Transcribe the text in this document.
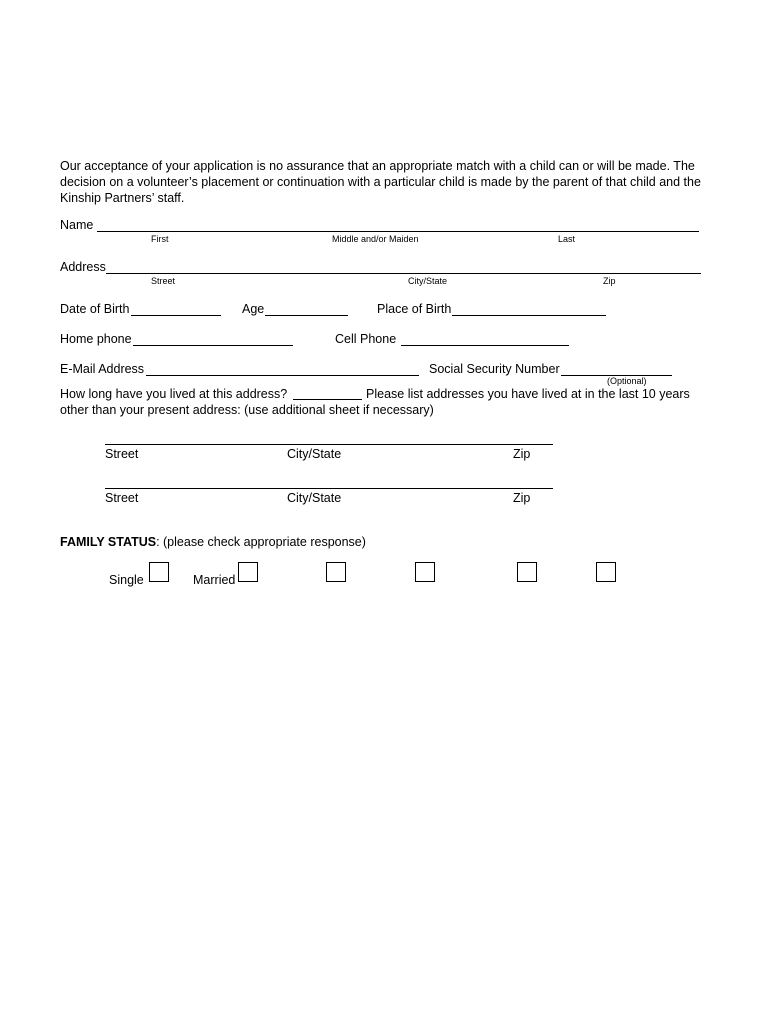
Our acceptance of your application is no assurance that an appropriate match with a child can or will be made. The
decision on a volunteer’s placement or continuation with a particular child is made by the parent of that child and the
Kinship Partners’ staff.
Name
First	Middle and/or Maiden	Last
Address
Street	City/State	Zip
Date of Birth	Age	Place of Birth
Home phone	Cell Phone
E-Mail Address	Social Security Number
(Optional)
How long have you lived at this address?	Please list addresses you have lived at in the last 10 years
other than your present address: (use additional sheet if necessary)
Street	City/State	Zip
Street	City/State	Zip
FAMILY STATUS: (please check appropriate response)
Single	Married
